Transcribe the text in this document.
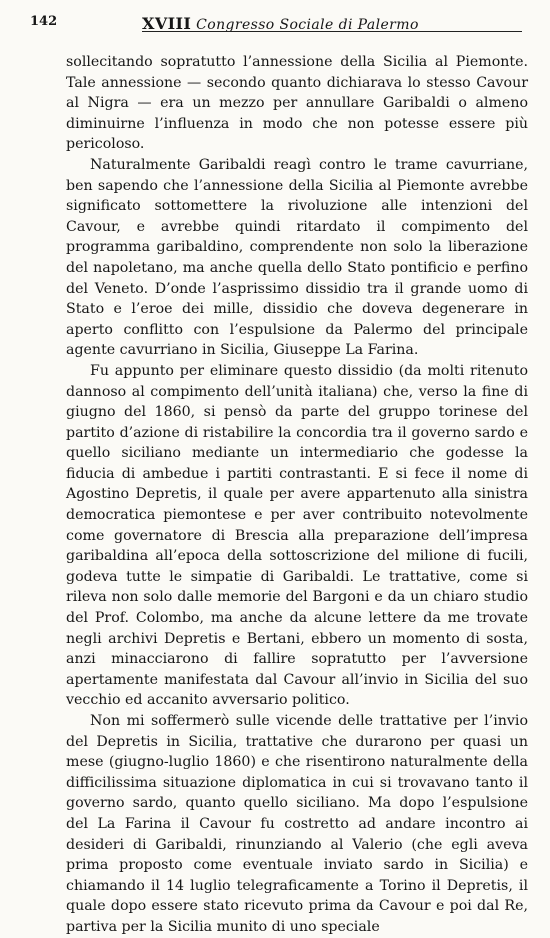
142	XVIII Congresso Sociale di Palermo

sollecitando sopratutto l’annessione della Sicilia al Piemonte. Tale annessione — secondo quanto dichiarava lo stesso Cavour al Nigra — era un mezzo per annullare Garibaldi o almeno diminuirne l’influenza in modo che non potesse essere più pericoloso.

Naturalmente Garibaldi reagì contro le trame cavurriane, ben sapendo che l’annessione della Sicilia al Piemonte avrebbe significato sottomettere la rivoluzione alle intenzioni del Cavour, e avrebbe quindi ritardato il compimento del programma garibaldino, comprendente non solo la liberazione del napoletano, ma anche quella dello Stato pontificio e perfino del Veneto. D’onde l’asprissimo dissidio tra il grande uomo di Stato e l’eroe dei mille, dissidio che doveva degenerare in aperto conflitto con l’espulsione da Palermo del principale agente cavurriano in Sicilia, Giuseppe La Farina.

Fu appunto per eliminare questo dissidio (da molti ritenuto dannoso al compimento dell’unità italiana) che, verso la fine di giugno del 1860, si pensò da parte del gruppo torinese del partito d’azione di ristabilire la concordia tra il governo sardo e quello siciliano mediante un intermediario che godesse la fiducia di ambedue i partiti contrastanti. E si fece il nome di Agostino Depretis, il quale per avere appartenuto alla sinistra democratica piemontese e per aver contribuito notevolmente come governatore di Brescia alla preparazione dell’impresa garibaldina all’epoca della sottoscrizione del milione di fucili, godeva tutte le simpatie di Garibaldi. Le trattative, come si rileva non solo dalle memorie del Bargoni e da un chiaro studio del Prof. Colombo, ma anche da alcune lettere da me trovate negli archivi Depretis e Bertani, ebbero un momento di sosta, anzi minacciarono di fallire sopratutto per l’avversione apertamente manifestata dal Cavour all’invio in Sicilia del suo vecchio ed accanito avversario politico.

Non mi soffermerò sulle vicende delle trattative per l’invio del Depretis in Sicilia, trattative che durarono per quasi un mese (giugno-luglio 1860) e che risentirono naturalmente della difficilissima situazione diplomatica in cui si trovavano tanto il governo sardo, quanto quello siciliano. Ma dopo l’espulsione del La Farina il Cavour fu costretto ad andare incontro ai desideri di Garibaldi, rinunziando al Valerio (che egli aveva prima proposto come eventuale inviato sardo in Sicilia) e chiamando il 14 luglio telegraficamente a Torino il Depretis, il quale dopo essere stato ricevuto prima da Cavour e poi dal Re, partiva per la Sicilia munito di uno speciale
